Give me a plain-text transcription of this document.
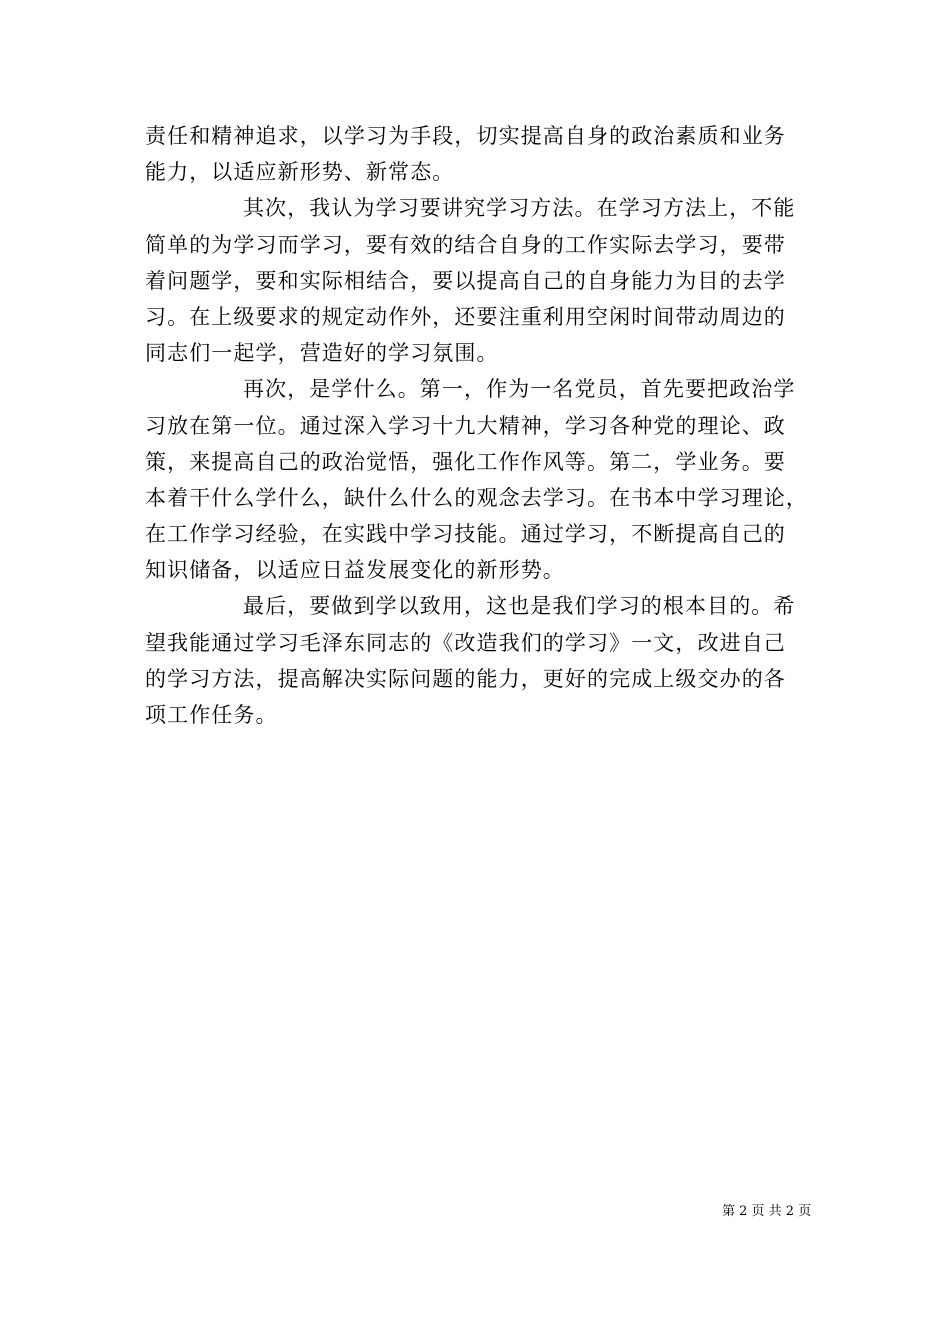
责任和精神追求，以学习为手段，切实提高自身的政治素质和业务
能力，以适应新形势、新常态。
其次，我认为学习要讲究学习方法。在学习方法上，不能
简单的为学习而学习，要有效的结合自身的工作实际去学习，要带
着问题学，要和实际相结合，要以提高自己的自身能力为目的去学
习。在上级要求的规定动作外，还要注重利用空闲时间带动周边的
同志们一起学，营造好的学习氛围。
再次，是学什么。第一，作为一名党员，首先要把政治学
习放在第一位。通过深入学习十九大精神，学习各种党的理论、政
策，来提高自己的政治觉悟，强化工作作风等。第二，学业务。要
本着干什么学什么，缺什么什么的观念去学习。在书本中学习理论，
在工作学习经验，在实践中学习技能。通过学习，不断提高自己的
知识储备，以适应日益发展变化的新形势。
最后，要做到学以致用，这也是我们学习的根本目的。希
望我能通过学习毛泽东同志的《改造我们的学习》一文，改进自己
的学习方法，提高解决实际问题的能力，更好的完成上级交办的各
项工作任务。
第 2 页 共 2 页
